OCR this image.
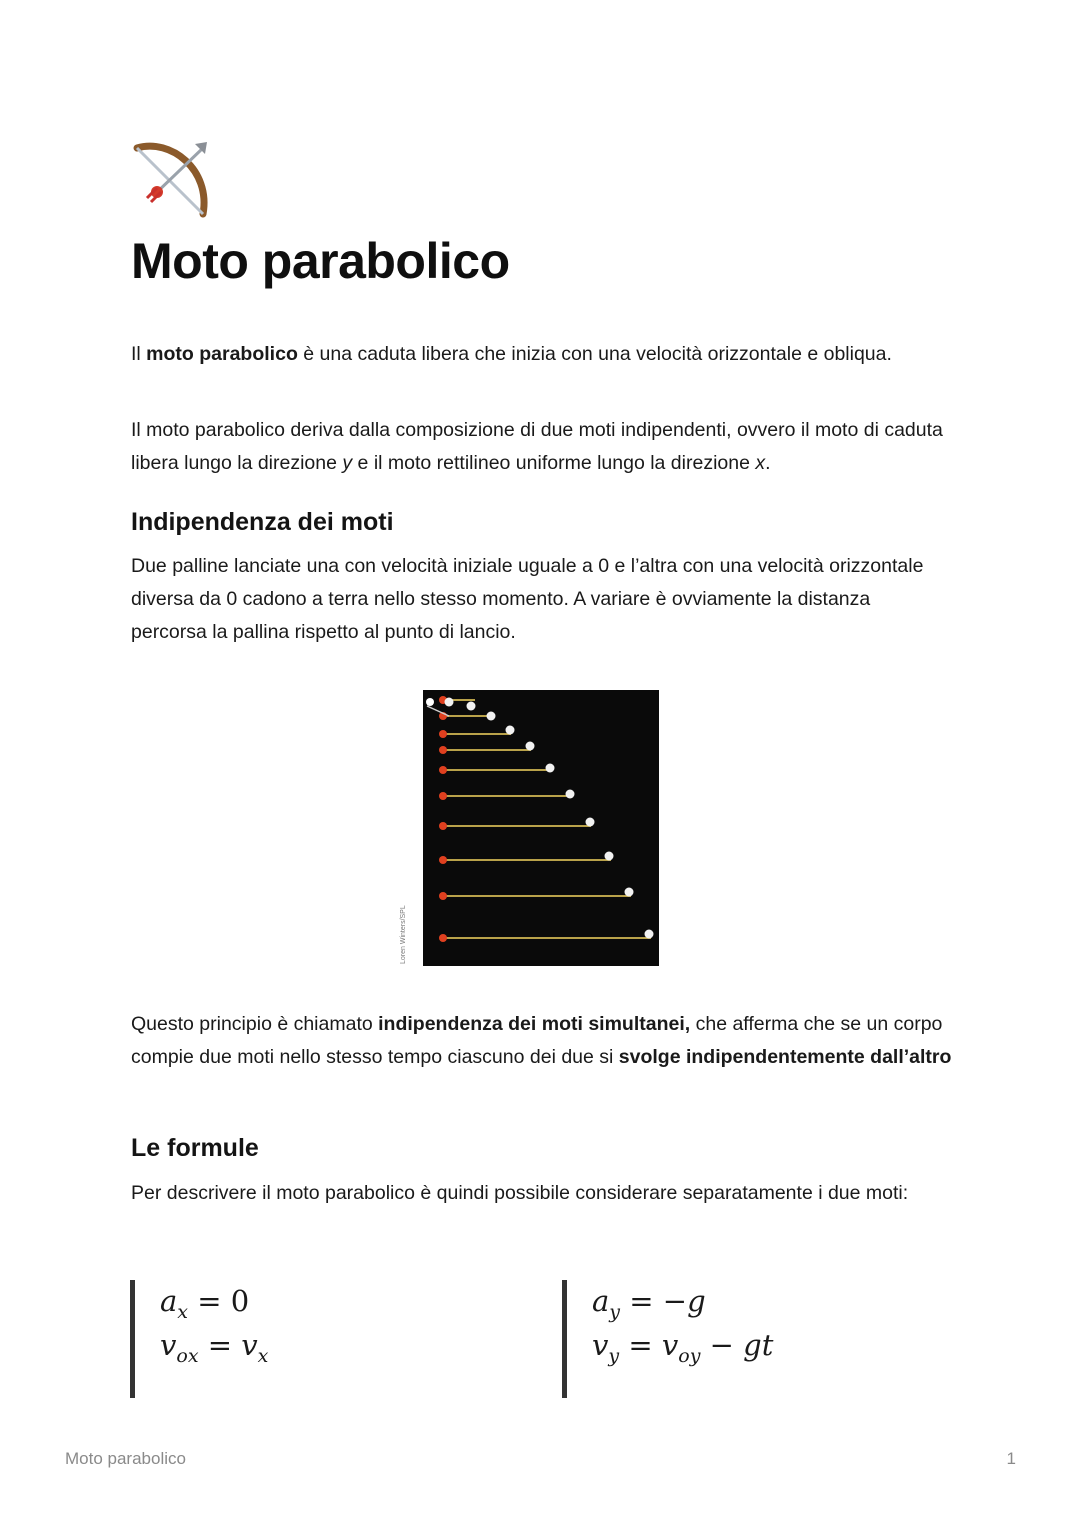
Moto parabolico

Il moto parabolico è una caduta libera che inizia con una velocità orizzontale e obliqua.

Il moto parabolico deriva dalla composizione di due moti indipendenti, ovvero il moto di caduta libera lungo la direzione y e il moto rettilineo uniforme lungo la direzione x.

Indipendenza dei moti

Due palline lanciate una con velocità iniziale uguale a 0 e l’altra con una velocità orizzontale diversa da 0 cadono a terra nello stesso momento. A variare è ovviamente la distanza percorsa la pallina rispetto al punto di lancio.

Loren Winters/SPL

Questo principio è chiamato indipendenza dei moti simultanei, che afferma che se un corpo compie due moti nello stesso tempo ciascuno dei due si svolge indipendentemente dall’altro

Le formule

Per descrivere il moto parabolico è quindi possibile considerare separatamente i due moti:

$a_x = 0$
$v_{ox} = v_x$
$a_y = -g$
$v_y = v_{oy}$ − gt
Moto parabolico	1
